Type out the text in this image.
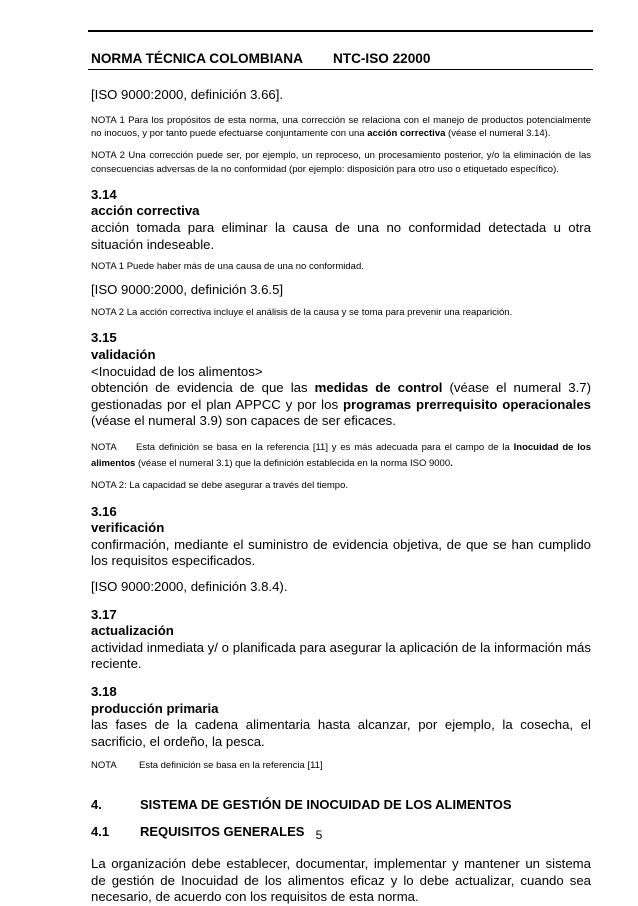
NORMA TÉCNICA COLOMBIANA NTC-ISO 22000

[ISO 9000:2000, definición 3.66].

NOTA 1 Para los propósitos de esta norma, una corrección se relaciona con el manejo de productos potencialmente no inocuos, y por tanto puede efectuarse conjuntamente con una acción correctiva (véase el numeral 3.14).

NOTA 2 Una corrección puede ser, por ejemplo, un reproceso, un procesamiento posterior, y/o la eliminación de las consecuencias adversas de la no conformidad (por ejemplo: disposición para otro uso o etiquetado específico).

3.14

acción correctiva

acción tomada para eliminar la causa de una no conformidad detectada u otra situación indeseable.

NOTA 1 Puede haber más de una causa de una no conformidad.

[ISO 9000:2000, definición 3.6.5]

NOTA 2 La acción correctiva incluye el análisis de la causa y se toma para prevenir una reaparición.

3.15

validación

<Inocuidad de los alimentos>

obtención de evidencia de que las medidas de control (véase el numeral 3.7) gestionadas por el plan APPCC y por los programas prerrequisito operacionales (véase el numeral 3.9) son capaces de ser eficaces.

NOTA Esta definición se basa en la referencia [11] y es más adecuada para el campo de la Inocuidad de los alimentos (véase el numeral 3.1) que la definición establecida en la norma ISO 9000.

NOTA 2: La capacidad se debe asegurar a través del tiempo.

3.16

verificación

confirmación, mediante el suministro de evidencia objetiva, de que se han cumplido los requisitos especificados.

[ISO 9000:2000, definición 3.8.4).

3.17

actualización

actividad inmediata y/ o planificada para asegurar la aplicación de la información más reciente.

3.18

producción primaria

las fases de la cadena alimentaria hasta alcanzar, por ejemplo, la cosecha, el sacrificio, el ordeño, la pesca.

NOTA Esta definición se basa en la referencia [11]

4.	SISTEMA DE GESTIÓN DE INOCUIDAD DE LOS ALIMENTOS
4.1	REQUISITOS GENERALES

La organización debe establecer, documentar, implementar y mantener un sistema de gestión de Inocuidad de los alimentos eficaz y lo debe actualizar, cuando sea necesario, de acuerdo con los requisitos de esta norma.

5
